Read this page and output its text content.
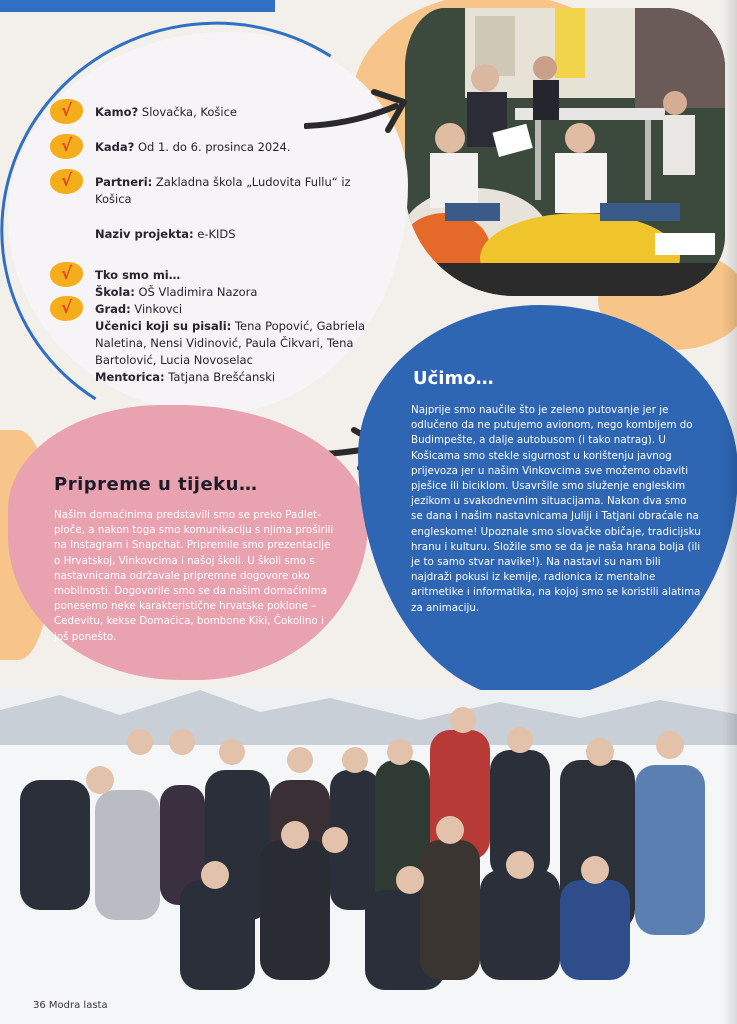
√	Kamo? Slovačka, Košice
√	Kada? Od 1. do 6. prosinca 2024.
√	Partneri: Zakladna škola „Ludovita Fullu“ iz Košica
Naziv projekta: e-KIDS
√	Tko smo mi…
Škola: OŠ Vladimira Nazora
√	Grad: Vinkovci
Učenici koji su pisali: Tena Popović, Gabriela Naletina, Nensi Vidinović, Paula Čikvari, Tena Bartolović, Lucia Novoselac
Mentorica: Tatjana Brešćanski
Pripreme u tijeku…
Našim domaćinima predstavili smo se preko Padlet-ploče, a nakon toga smo komunikaciju s njima proširili na Instagram i Snapchat. Pripremile smo prezentacije o Hrvatskoj, Vinkovcima i našoj školi. U školi smo s nastavnicama održavale pripremne dogovore oko mobilnosti. Dogovorile smo se da našim domaćinima ponesemo neke karakteristične hrvatske poklone – Cedevitu, kekse Domaćica, bombone Kiki, Čokolino i još ponešto.
Učimo…
Najprije smo naučile što je zeleno putovanje jer je odlučeno da ne putujemo avionom, nego kombijem do Budimpešte, a dalje autobusom (i tako natrag). U Košicama smo stekle sigurnost u korištenju javnog prijevoza jer u našim Vinkovcima sve možemo obaviti pješice ili biciklom. Usavršile smo služenje engleskim jezikom u svakodnevnim situacijama. Nakon dva smo se dana i našim nastavnicama Juliji i Tatjani obraćale na engleskome! Upoznale smo slovačke običaje, tradicijsku hranu i kulturu. Složile smo se da je naša hrana bolja (ili je to samo stvar navike!). Na nastavi su nam bili najdraži pokusi iz kemije, radionica iz mentalne aritmetike i informatika, na kojoj smo se koristili alatima za animaciju.
36 Modra lasta
